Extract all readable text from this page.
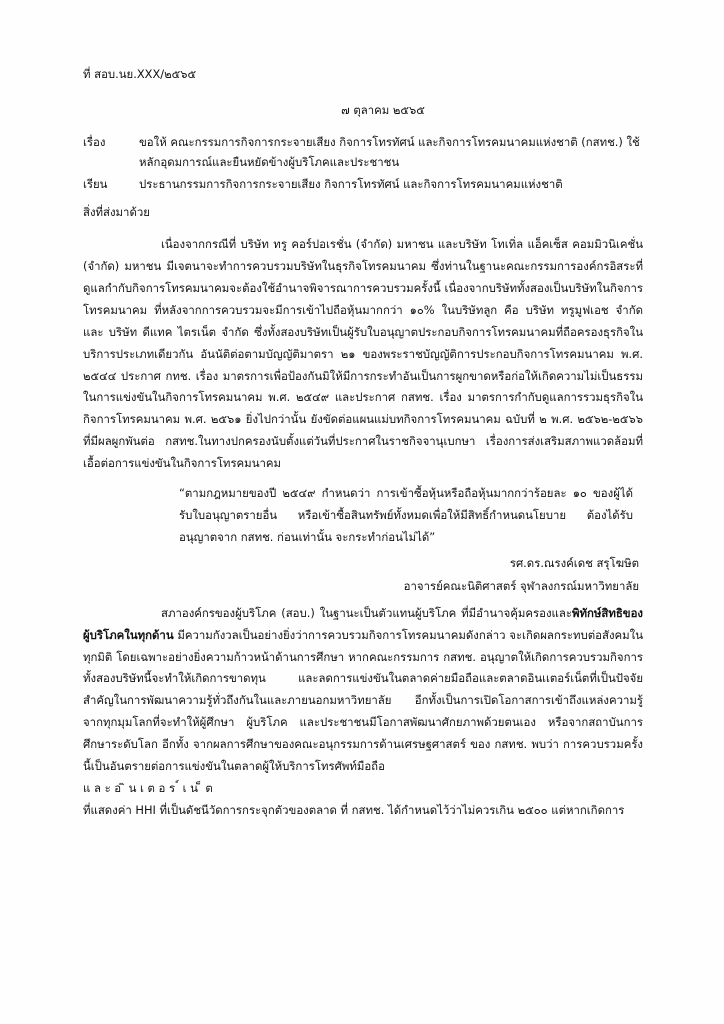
ที่ สอบ.นย.XXX/๒๕๖๕
๗ ตุลาคม ๒๕๖๕
เรื่อง	ขอให้ คณะกรรมการกิจการกระจายเสียง กิจการโทรทัศน์ และกิจการโทรคมนาคมแห่งชาติ (กสทช.) ใช้
หลักอุดมการณ์และยืนหยัดข้างผู้บริโภคและประชาชน
เรียน	ประธานกรรมการกิจการกระจายเสียง กิจการโทรทัศน์ และกิจการโทรคมนาคมแห่งชาติ
สิ่งที่ส่งมาด้วย
เนื่องจากกรณีที่ บริษัท ทรู คอร์ปอเรชั่น (จำกัด) มหาชน และบริษัท โทเทิ่ล แอ็คเซ็ส คอมมิวนิเคชั่น (จำกัด) มหาชน มีเจตนาจะทำการควบรวมบริษัทในธุรกิจโทรคมนาคม ซึ่งท่านในฐานะคณะกรรมการองค์กรอิสระที่ดูแลกำกับกิจการโทรคมนาคมจะต้องใช้อำนาจพิจารณาการควบรวมครั้งนี้ เนื่องจากบริษัททั้งสองเป็นบริษัทในกิจการโทรคมนาคม ที่หลังจากการควบรวมจะมีการเข้าไปถือหุ้นมากกว่า ๑๐% ในบริษัทลูก คือ บริษัท ทรูมูฟเอช จำกัด และ บริษัท ดีแทค ไตรเน็ต จำกัด ซึ่งทั้งสองบริษัทเป็นผู้รับใบอนุญาตประกอบกิจการโทรคมนาคมที่ถือครองธุรกิจในบริการประเภทเดียวกัน อันนัติต่อตามบัญญัติมาตรา ๒๑ ของพระราชบัญญัติการประกอบกิจการโทรคมนาคม พ.ศ. ๒๕๔๔ ประกาศ กทช. เรื่อง มาตรการเพื่อป้องกันมิให้มีการกระทำอันเป็นการผูกขาดหรือก่อให้เกิดความไม่เป็นธรรมในการแข่งขันในกิจการโทรคมนาคม พ.ศ. ๒๕๔๙ และประกาศ กสทช. เรื่อง มาตรการกำกับดูแลการรวมธุรกิจในกิจการโทรคมนาคม พ.ศ. ๒๕๖๑ ยิ่งไปกว่านั้น ยังขัดต่อแผนแม่บทกิจการโทรคมนาคม ฉบับที่ ๒ พ.ศ. ๒๕๖๒-๒๕๖๖ ที่มีผลผูกพันต่อ กสทช.ในทางปกครองนับตั้งแต่วันที่ประกาศในราชกิจจานุเบกษา เรื่องการส่งเสริมสภาพแวดล้อมที่เอื้อต่อการแข่งขันในกิจการโทรคมนาคม
“ตามกฎหมายของปี ๒๕๔๙ กำหนดว่า การเข้าซื้อหุ้นหรือถือหุ้นมากกว่าร้อยละ ๑๐ ของผู้ได้รับใบอนุญาตรายอื่น หรือเข้าซื้อสินทรัพย์ทั้งหมดเพื่อให้มีสิทธิ์กำหนดนโยบาย ต้องได้รับอนุญาตจาก กสทช. ก่อนเท่านั้น จะกระทำก่อนไม่ได้”
รศ.ดร.ณรงค์เดช สรุโฆษิต
อาจารย์คณะนิติศาสตร์ จุฬาลงกรณ์มหาวิทยาลัย
สภาองค์กรของผู้บริโภค (สอบ.) ในฐานะเป็นตัวแทนผู้บริโภค ที่มีอำนาจคุ้มครองและพิทักษ์สิทธิของผู้บริโภคในทุกด้าน มีความกังวลเป็นอย่างยิ่งว่าการควบรวมกิจการโทรคมนาคมดังกล่าว จะเกิดผลกระทบต่อสังคมในทุกมิติ โดยเฉพาะอย่างยิ่งความก้าวหน้าด้านการศึกษา หากคณะกรรมการ กสทช. อนุญาตให้เกิดการควบรวมกิจการทั้งสองบริษัทนี้จะทำให้เกิดการขาดทุน และลดการแข่งขันในตลาดค่ายมือถือและตลาดอินเเตอร์เน็ตที่เป็นปัจจัยสำคัญในการพัฒนาความรู้ทั่วถึงกันในและภายนอกมหาวิทยาลัย อีกทั้งเป็นการเปิดโอกาสการเข้าถึงแหล่งความรู้จากทุกมุมโลกที่จะทำให้ผู้ศึกษา ผู้บริโภค และประชาชนมีโอกาสพัฒนาศักยภาพด้วยตนเอง หรือจากสถาบันการศึกษาระดับโลก อีกทั้ง จากผลการศึกษาของคณะอนุกรรมการด้านเศรษฐศาสตร์ ของ กสทช. พบว่า การควบรวมครั้งนี้เป็นอันตรายต่อการแข่งขันในตลาดผู้ให้บริการโทรศัพท์มือถือ
แ ล ะ อ ิ น เ ต อ ร ์ เ น ็ ต
ที่แสดงค่า HHI ที่เป็นดัชนีวัดการกระจุกตัวของตลาด ที่ กสทช. ได้กำหนดไว้ว่าไม่ควรเกิน ๒๕๐๐ แต่หากเกิดการ
